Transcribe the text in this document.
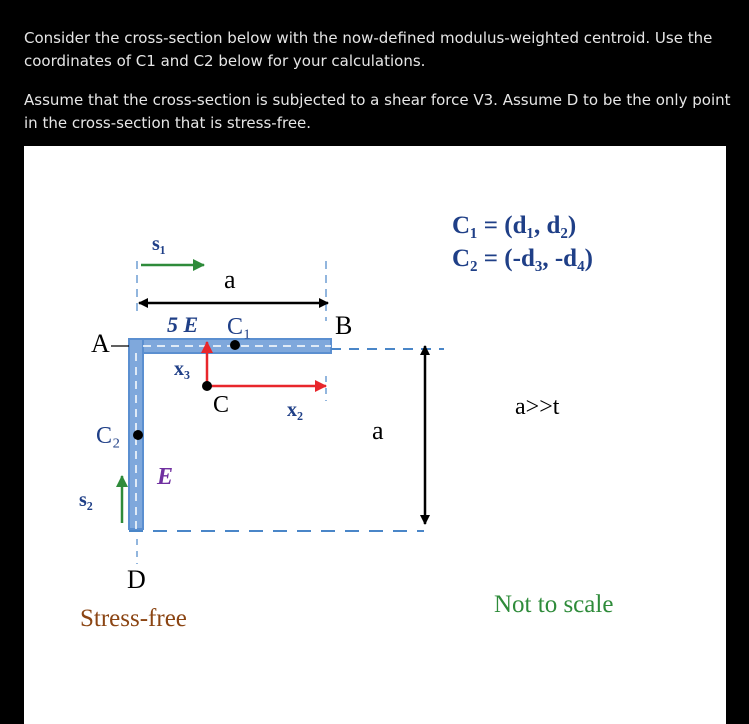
Consider the cross-section below with the now-defined modulus-weighted centroid. Use the coordinates of C1 and C2 below for your calculations.
Assume that the cross-section is subjected to a shear force V3. Assume D to be the only point in the cross-section that is stress-free.
C₁ = (d₁, d₂)
C₂ = (-d₃, -d₄)
s₁
s₂
a
a
5 E C₁
C₂
B
A
x₃
x₂
C
E
D
Stress-free
a>>t
Not to scale
